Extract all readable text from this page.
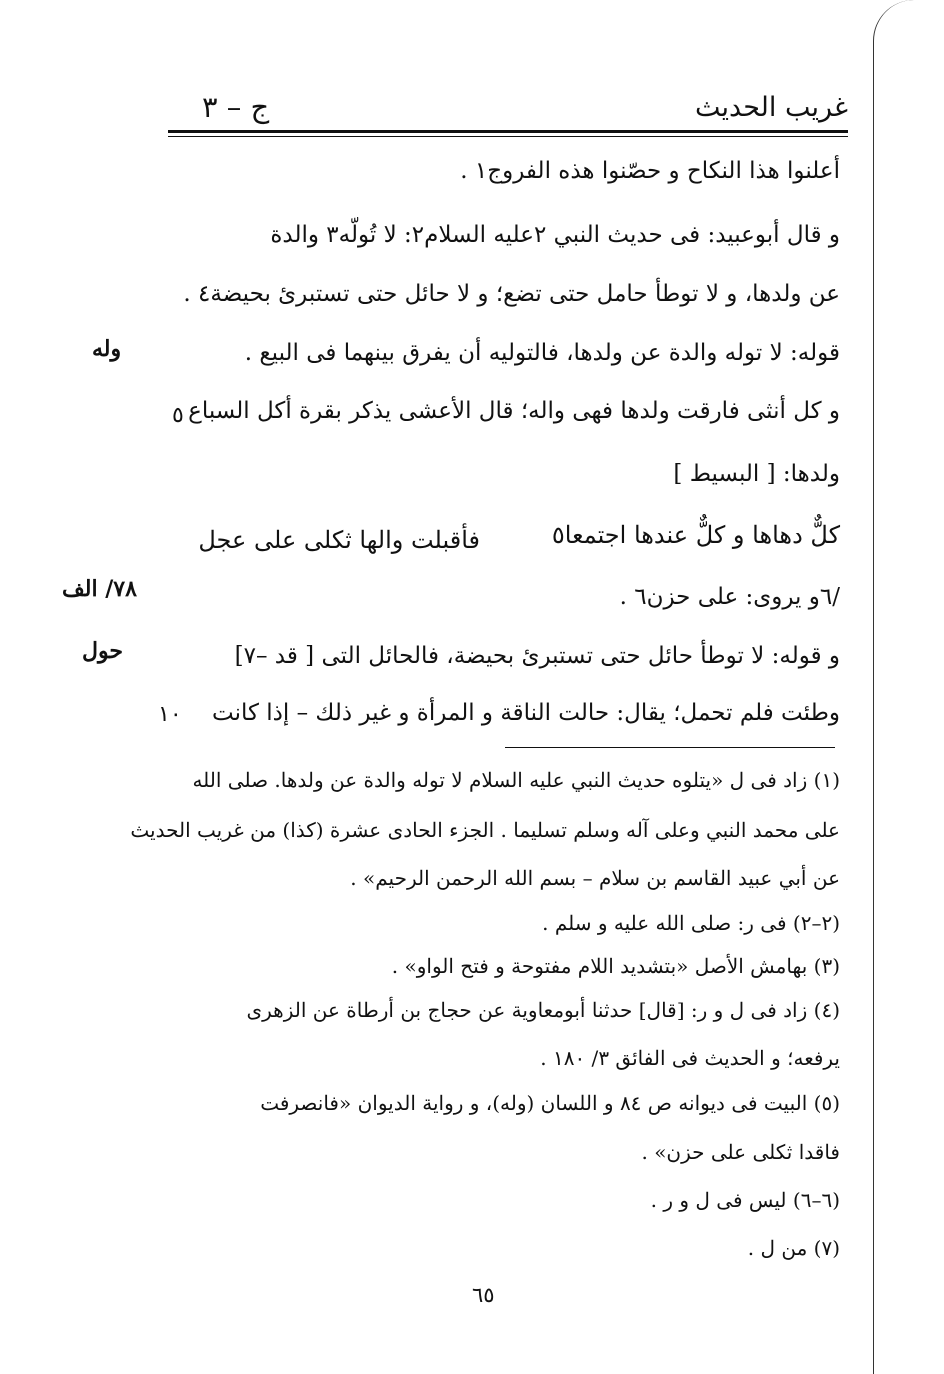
غريب الحديث
ج – ٣
أعلنوا هذا النكاح و حصّنوا هذه الفروج١ .
و قال أبوعبيد: فى حديث النبي ٢عليه السلام٢: لا تُولّه٣ والدة
عن ولدها، و لا توطأ حامل حتى تضع؛ و لا حائل حتى تستبرئ بحيضة٤ .
قوله: لا توله والدة عن ولدها، فالتوليه أن يفرق بينهما فى البيع .
و كل أنثى فارقت ولدها فهى واله؛ قال الأعشى يذكر بقرة أكل السباع
ولدها: [ البسيط ]
كلٌّ دهاها و كلٌّ عندها اجتمعا٥
فأقبلت والها ثكلى على عجل
/٦و يروى: على حزن٦ .
و قوله: لا توطأ حائل حتى تستبرئ بحيضة، فالحائل التى [ قد –٧]
وطئت فلم تحمل؛ يقال: حالت الناقة و المرأة و غير ذلك – إذا كانت
وله
٧٨/ الف
حول
٥
١٠
(١) زاد فى ل «يتلوه حديث النبي عليه السلام لا توله والدة عن ولدها. صلى الله
على محمد النبي وعلى آله وسلم تسليما . الجزء الحادى عشرة (كذا) من غريب الحديث
عن أبي عبيد القاسم بن سلام – بسم الله الرحمن الرحيم» .
(٢–٢) فى ر: صلى الله عليه و سلم .
(٣) بهامش الأصل «بتشديد اللام مفتوحة و فتح الواو» .
(٤) زاد فى ل و ر: [قال] حدثنا أبومعاوية عن حجاج بن أرطاة عن الزهرى
يرفعه؛ و الحديث فى الفائق ٣/ ١٨٠ .
(٥) البيت فى ديوانه ص ٨٤ و اللسان (وله)، و رواية الديوان «فانصرفت
فاقدا ثكلى على حزن» .
(٦–٦) ليس فى ل و ر .
(٧) من ل .
٦٥
